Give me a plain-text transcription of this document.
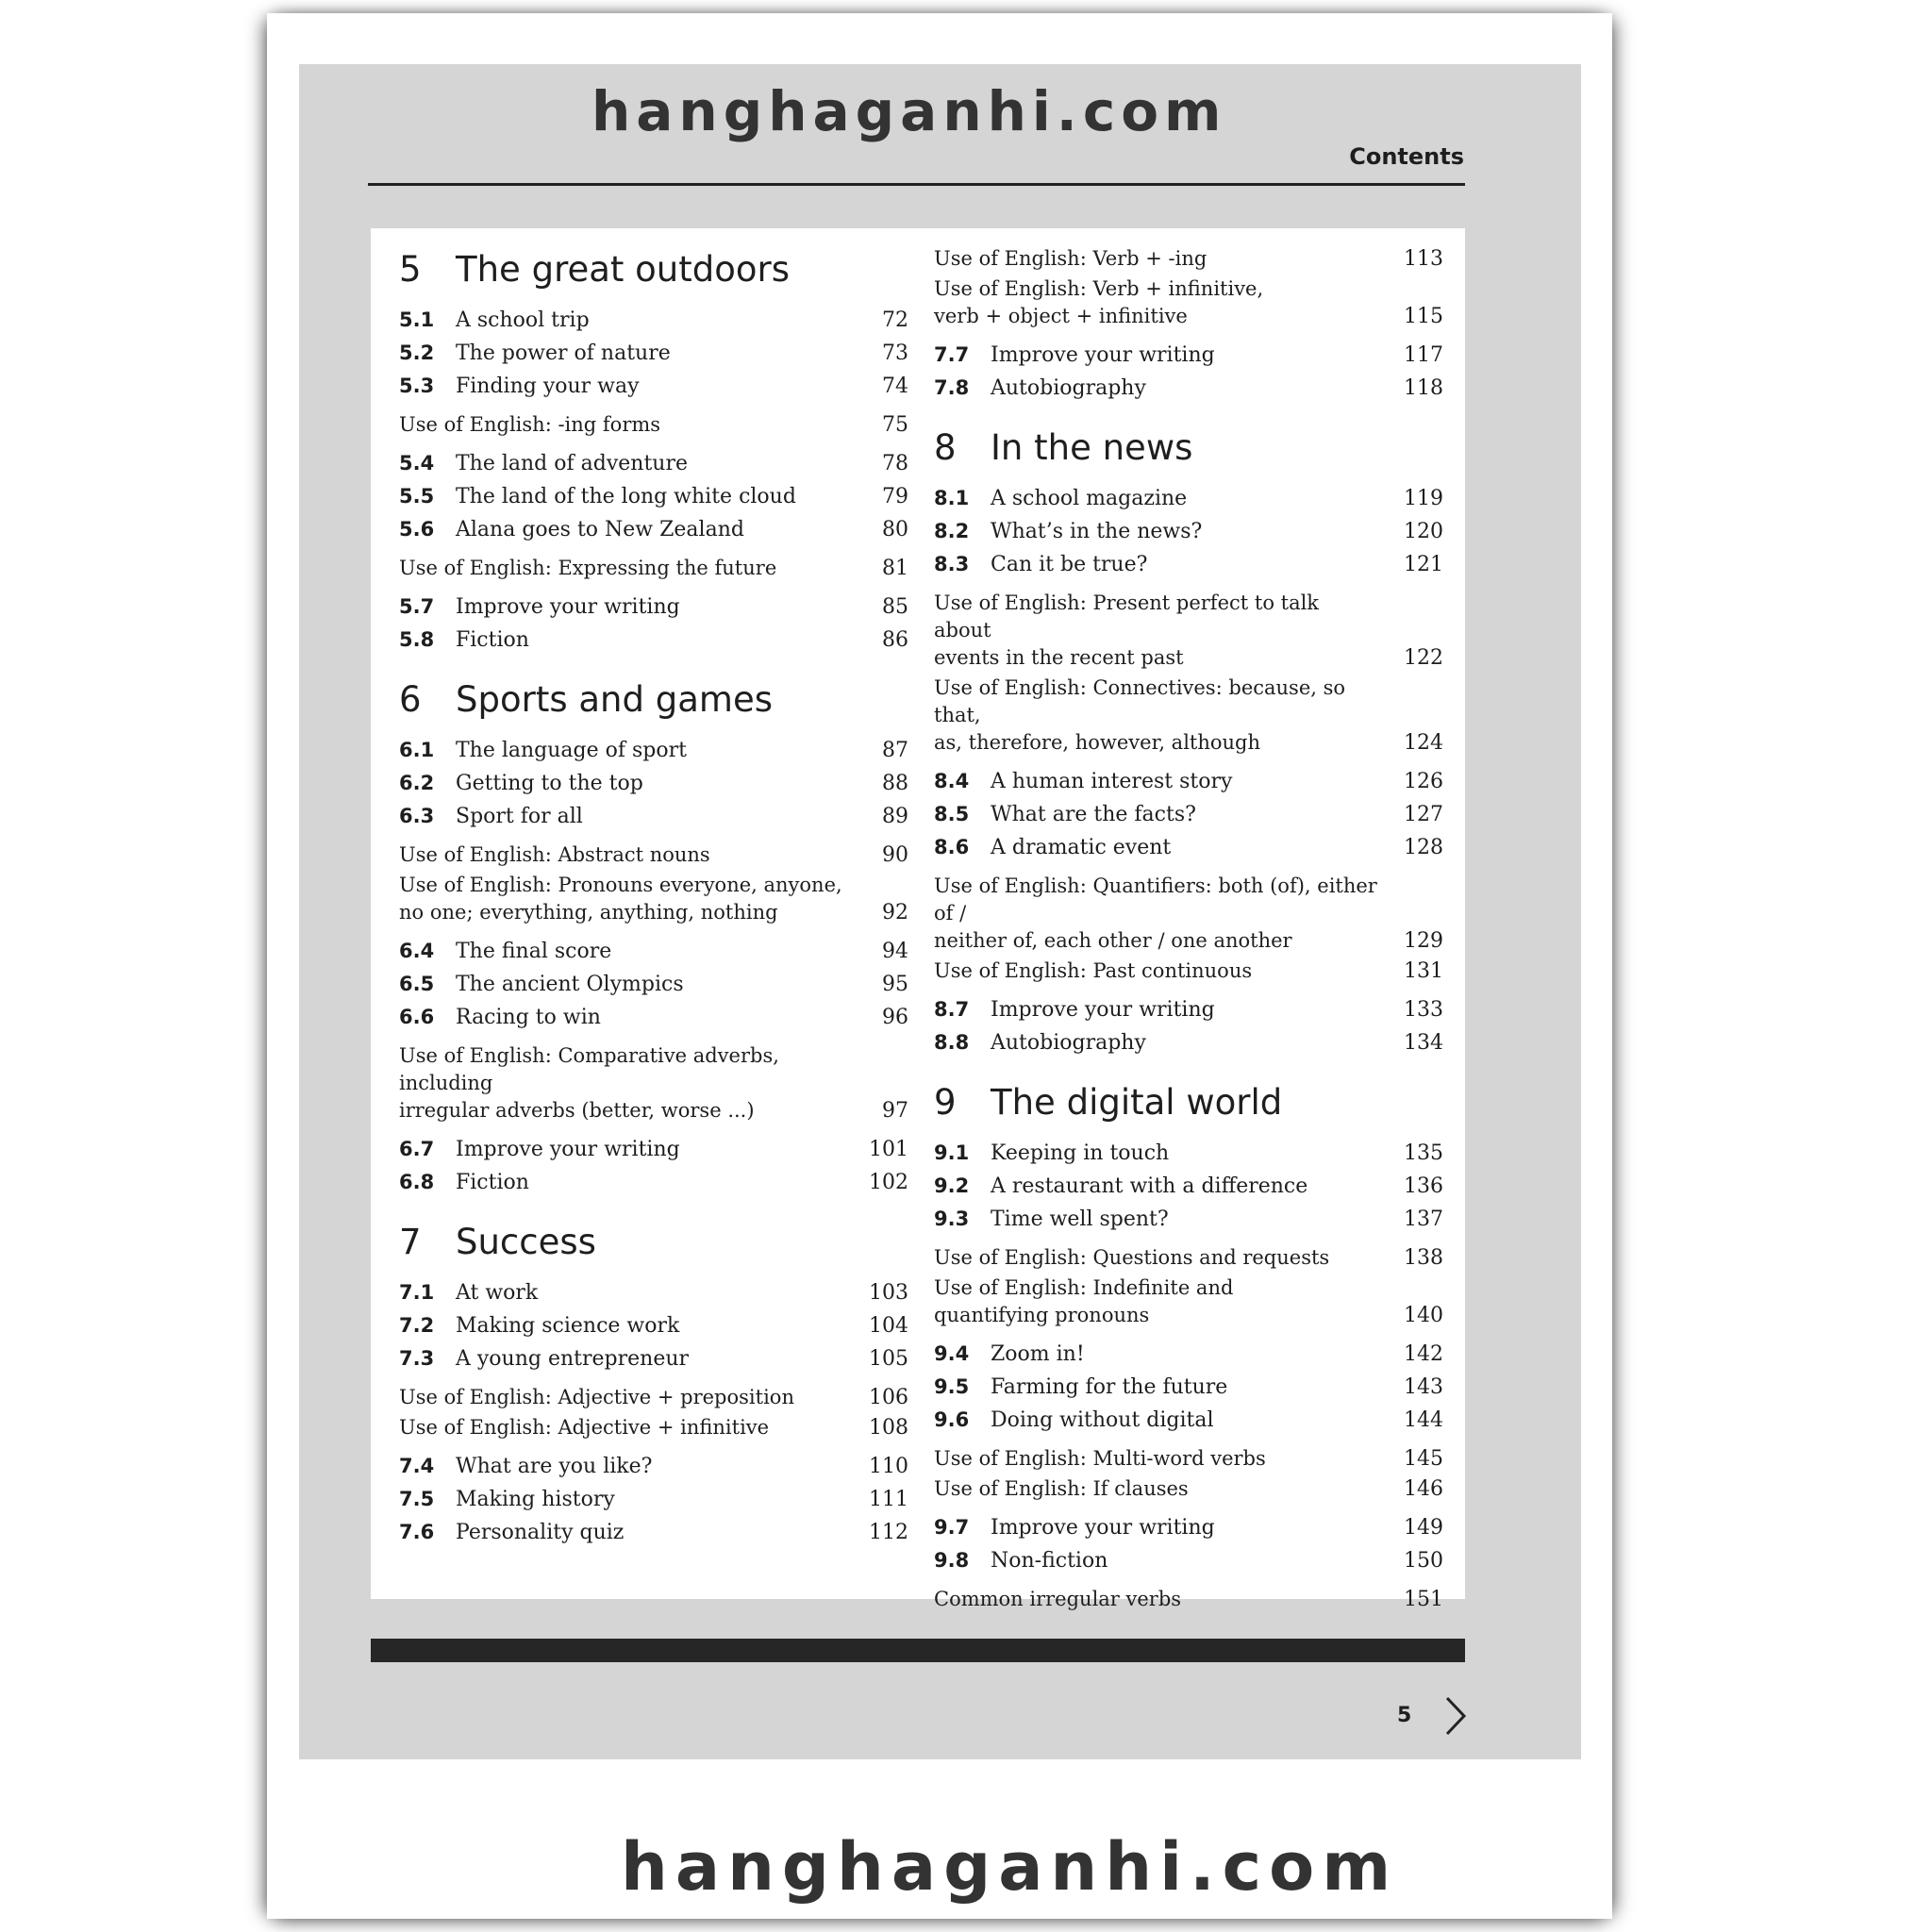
hanghaganhi.com
Contents
5 The great outdoors
5.1	A school trip	72
5.2	The power of nature	73
5.3	Finding your way	74
Use of English: -ing forms	75
5.4	The land of adventure	78
5.5	The land of the long white cloud	79
5.6	Alana goes to New Zealand	80
Use of English: Expressing the future	81
5.7	Improve your writing	85
5.8	Fiction	86
6 Sports and games
6.1	The language of sport	87
6.2	Getting to the top	88
6.3	Sport for all	89
Use of English: Abstract nouns	90
Use of English: Pronouns everyone, anyone,
no one; everything, anything, nothing	92
6.4	The final score	94
6.5	The ancient Olympics	95
6.6	Racing to win	96
Use of English: Comparative adverbs, including
irregular adverbs (better, worse ...)	97
6.7	Improve your writing	101
6.8	Fiction	102
7 Success
7.1	At work	103
7.2	Making science work	104
7.3	A young entrepreneur	105
Use of English: Adjective + preposition	106
Use of English: Adjective + infinitive	108
7.4	What are you like?	110
7.5	Making history	111
7.6	Personality quiz	112
Use of English: Verb + -ing	113
Use of English: Verb + infinitive,
verb + object + infinitive	115
7.7	Improve your writing	117
7.8	Autobiography	118
8 In the news
8.1	A school magazine	119
8.2	What’s in the news?	120
8.3	Can it be true?	121
Use of English: Present perfect to talk about
events in the recent past	122
Use of English: Connectives: because, so that,
as, therefore, however, although	124
8.4	A human interest story	126
8.5	What are the facts?	127
8.6	A dramatic event	128
Use of English: Quantifiers: both (of), either of /
neither of, each other / one another	129
Use of English: Past continuous	131
8.7	Improve your writing	133
8.8	Autobiography	134
9 The digital world
9.1	Keeping in touch	135
9.2	A restaurant with a difference	136
9.3	Time well spent?	137
Use of English: Questions and requests	138
Use of English: Indefinite and
quantifying pronouns	140
9.4	Zoom in!	142
9.5	Farming for the future	143
9.6	Doing without digital	144
Use of English: Multi-word verbs	145
Use of English: If clauses	146
9.7	Improve your writing	149
9.8	Non-fiction	150
Common irregular verbs	151
5
hanghaganhi.com
